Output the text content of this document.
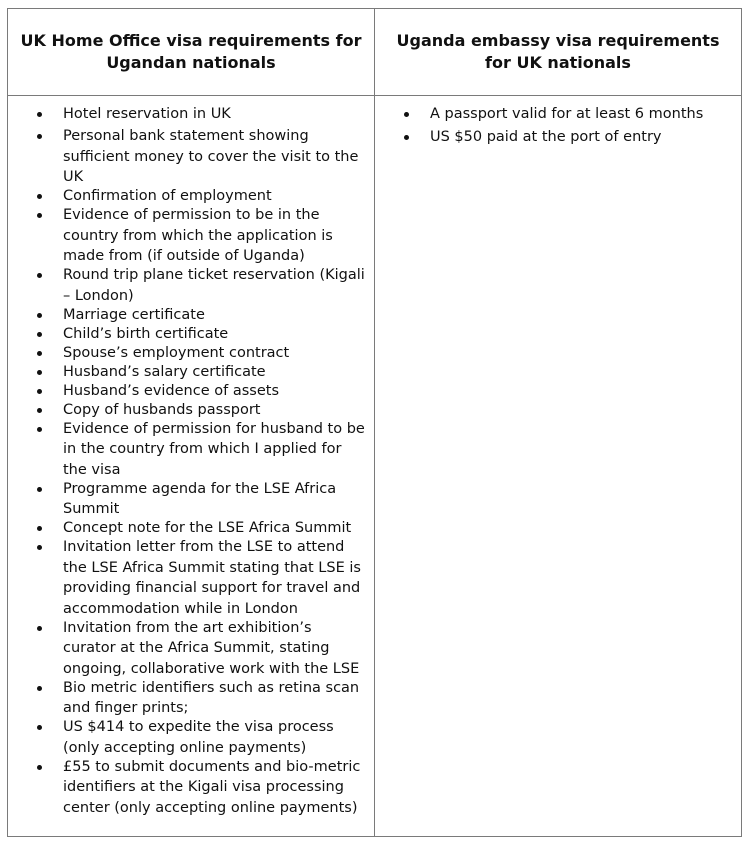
UK Home Office visa requirements for Ugandan nationals
Uganda embassy visa requirements for UK nationals
Hotel reservation in UK
Personal bank statement showing sufficient money to cover the visit to the UK
Confirmation of employment
Evidence of permission to be in the country from which the application is made from (if outside of Uganda)
Round trip plane ticket reservation (Kigali – London)
Marriage certificate
Child’s birth certificate
Spouse’s employment contract
Husband’s salary certificate
Husband’s evidence of assets
Copy of husbands passport
Evidence of permission for husband to be in the country from which I applied for the visa
Programme agenda for the LSE Africa Summit
Concept note for the LSE Africa Summit
Invitation letter from the LSE to attend the LSE Africa Summit stating that LSE is providing financial support for travel and accommodation while in London
Invitation from the art exhibition’s curator at the Africa Summit, stating ongoing, collaborative work with the LSE
Bio metric identifiers such as retina scan and finger prints;
US $414 to expedite the visa process (only accepting online payments)
£55 to submit documents and bio-metric identifiers at the Kigali visa processing center (only accepting online payments)
A passport valid for at least 6 months
US $50 paid at the port of entry
